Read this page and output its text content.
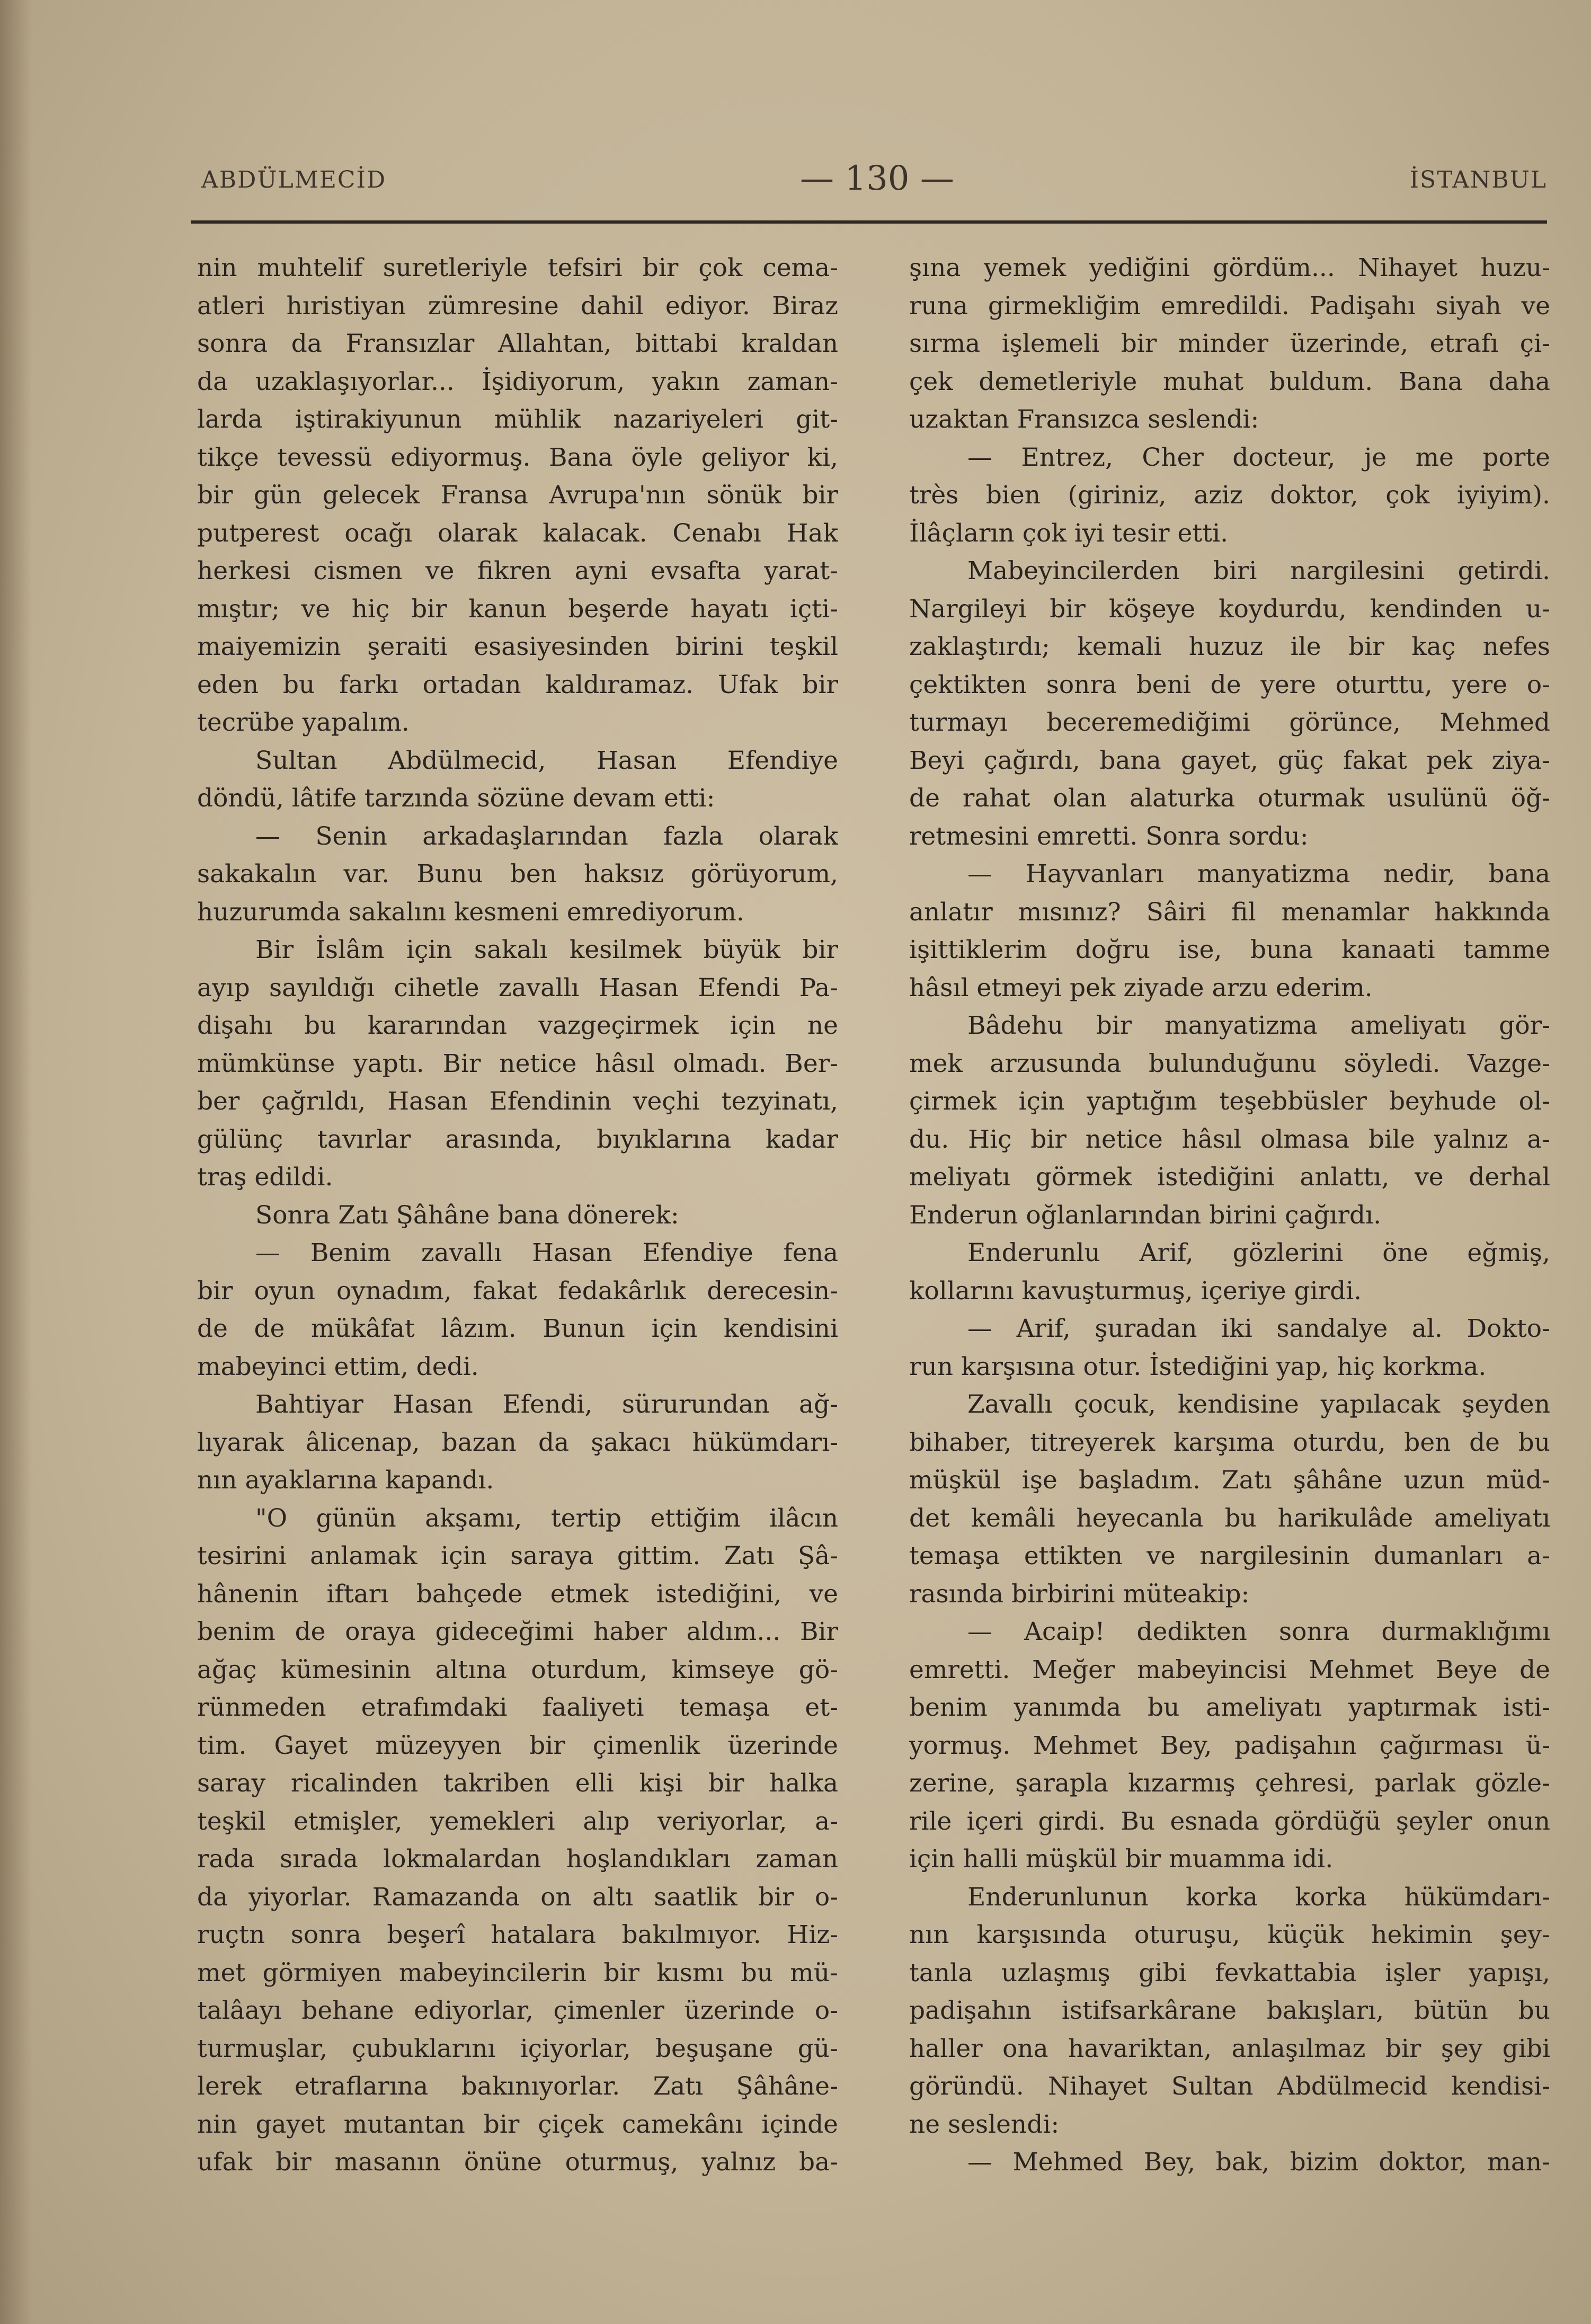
ABDÜLMECİD	— 130 —	İSTANBUL
nin muhtelif suretleriyle tefsiri bir çok cema-
atleri hıristiyan zümresine dahil ediyor. Biraz
sonra da Fransızlar Allahtan, bittabi kraldan
da uzaklaşıyorlar... İşidiyorum, yakın zaman-
larda iştirakiyunun mühlik nazariyeleri git-
tikçe tevessü ediyormuş. Bana öyle geliyor ki,
bir gün gelecek Fransa Avrupa'nın sönük bir
putperest ocağı olarak kalacak. Cenabı Hak
herkesi cismen ve fikren ayni evsafta yarat-
mıştır; ve hiç bir kanun beşerde hayatı içti-
maiyemizin şeraiti esasiyesinden birini teşkil
eden bu farkı ortadan kaldıramaz. Ufak bir
tecrübe yapalım.
Sultan Abdülmecid, Hasan Efendiye
döndü, lâtife tarzında sözüne devam etti:
— Senin arkadaşlarından fazla olarak
sakakalın var. Bunu ben haksız görüyorum,
huzurumda sakalını kesmeni emrediyorum.
Bir İslâm için sakalı kesilmek büyük bir
ayıp sayıldığı cihetle zavallı Hasan Efendi Pa-
dişahı bu kararından vazgeçirmek için ne
mümkünse yaptı. Bir netice hâsıl olmadı. Ber-
ber çağrıldı, Hasan Efendinin veçhi tezyinatı,
gülünç tavırlar arasında, bıyıklarına kadar
traş edildi.
Sonra Zatı Şâhâne bana dönerek:
— Benim zavallı Hasan Efendiye fena
bir oyun oynadım, fakat fedakârlık derecesin-
de de mükâfat lâzım. Bunun için kendisini
mabeyinci ettim, dedi.
Bahtiyar Hasan Efendi, sürurundan ağ-
lıyarak âlicenap, bazan da şakacı hükümdarı-
nın ayaklarına kapandı.
"O günün akşamı, tertip ettiğim ilâcın
tesirini anlamak için saraya gittim. Zatı Şâ-
hânenin iftarı bahçede etmek istediğini, ve
benim de oraya gideceğimi haber aldım... Bir
ağaç kümesinin altına oturdum, kimseye gö-
rünmeden etrafımdaki faaliyeti temaşa et-
tim. Gayet müzeyyen bir çimenlik üzerinde
saray ricalinden takriben elli kişi bir halka
teşkil etmişler, yemekleri alıp veriyorlar, a-
rada sırada lokmalardan hoşlandıkları zaman
da yiyorlar. Ramazanda on altı saatlik bir o-
ruçtn sonra beşerî hatalara bakılmıyor. Hiz-
met görmiyen mabeyincilerin bir kısmı bu mü-
talâayı behane ediyorlar, çimenler üzerinde o-
turmuşlar, çubuklarını içiyorlar, beşuşane gü-
lerek etraflarına bakınıyorlar. Zatı Şâhâne-
nin gayet mutantan bir çiçek camekânı içinde
ufak bir masanın önüne oturmuş, yalnız ba-
şına yemek yediğini gördüm... Nihayet huzu-
runa girmekliğim emredildi. Padişahı siyah ve
sırma işlemeli bir minder üzerinde, etrafı çi-
çek demetleriyle muhat buldum. Bana daha
uzaktan Fransızca seslendi:
— Entrez, Cher docteur, je me porte
très bien (giriniz, aziz doktor, çok iyiyim).
İlâçların çok iyi tesir etti.
Mabeyincilerden biri nargilesini getirdi.
Nargileyi bir köşeye koydurdu, kendinden u-
zaklaştırdı; kemali huzuz ile bir kaç nefes
çektikten sonra beni de yere oturttu, yere o-
turmayı beceremediğimi görünce, Mehmed
Beyi çağırdı, bana gayet, güç fakat pek ziya-
de rahat olan alaturka oturmak usulünü öğ-
retmesini emretti. Sonra sordu:
— Hayvanları manyatizma nedir, bana
anlatır mısınız? Sâiri fil menamlar hakkında
işittiklerim doğru ise, buna kanaati tamme
hâsıl etmeyi pek ziyade arzu ederim.
Bâdehu bir manyatizma ameliyatı gör-
mek arzusunda bulunduğunu söyledi. Vazge-
çirmek için yaptığım teşebbüsler beyhude ol-
du. Hiç bir netice hâsıl olmasa bile yalnız a-
meliyatı görmek istediğini anlattı, ve derhal
Enderun oğlanlarından birini çağırdı.
Enderunlu Arif, gözlerini öne eğmiş,
kollarını kavuşturmuş, içeriye girdi.
— Arif, şuradan iki sandalye al. Dokto-
run karşısına otur. İstediğini yap, hiç korkma.
Zavallı çocuk, kendisine yapılacak şeyden
bihaber, titreyerek karşıma oturdu, ben de bu
müşkül işe başladım. Zatı şâhâne uzun müd-
det kemâli heyecanla bu harikulâde ameliyatı
temaşa ettikten ve nargilesinin dumanları a-
rasında birbirini müteakip:
— Acaip! dedikten sonra durmaklığımı
emretti. Meğer mabeyincisi Mehmet Beye de
benim yanımda bu ameliyatı yaptırmak isti-
yormuş. Mehmet Bey, padişahın çağırması ü-
zerine, şarapla kızarmış çehresi, parlak gözle-
rile içeri girdi. Bu esnada gördüğü şeyler onun
için halli müşkül bir muamma idi.
Enderunlunun korka korka hükümdarı-
nın karşısında oturuşu, küçük hekimin şey-
tanla uzlaşmış gibi fevkattabia işler yapışı,
padişahın istifsarkârane bakışları, bütün bu
haller ona havariktan, anlaşılmaz bir şey gibi
göründü. Nihayet Sultan Abdülmecid kendisi-
ne seslendi:
— Mehmed Bey, bak, bizim doktor, man-
